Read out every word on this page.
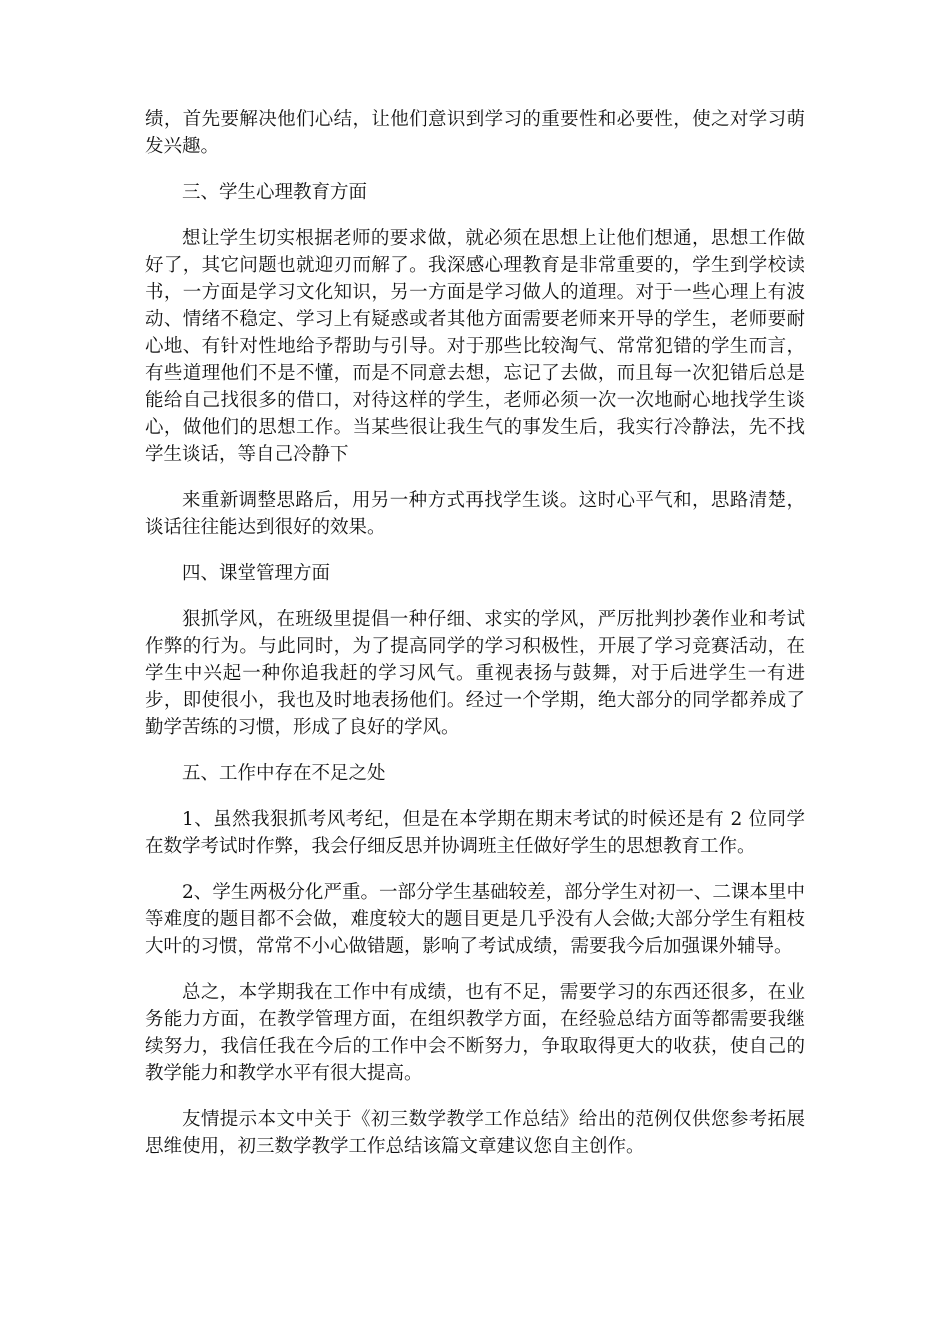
绩，首先要解决他们心结，让他们意识到学习的重要性和必要性，使之对学习萌发兴趣。

三、学生心理教育方面

想让学生切实根据老师的要求做，就必须在思想上让他们想通，思想工作做好了，其它问题也就迎刃而解了。我深感心理教育是非常重要的，学生到学校读书，一方面是学习文化知识，另一方面是学习做人的道理。对于一些心理上有波动、情绪不稳定、学习上有疑惑或者其他方面需要老师来开导的学生，老师要耐心地、有针对性地给予帮助与引导。对于那些比较淘气、常常犯错的学生而言，有些道理他们不是不懂，而是不同意去想，忘记了去做，而且每一次犯错后总是能给自己找很多的借口，对待这样的学生，老师必须一次一次地耐心地找学生谈心，做他们的思想工作。当某些很让我生气的事发生后，我实行冷静法，先不找学生谈话，等自己冷静下

来重新调整思路后，用另一种方式再找学生谈。这时心平气和，思路清楚，谈话往往能达到很好的效果。

四、课堂管理方面

狠抓学风，在班级里提倡一种仔细、求实的学风，严厉批判抄袭作业和考试作弊的行为。与此同时，为了提高同学的学习积极性，开展了学习竞赛活动，在学生中兴起一种你追我赶的学习风气。重视表扬与鼓舞，对于后进学生一有进步，即使很小，我也及时地表扬他们。经过一个学期，绝大部分的同学都养成了勤学苦练的习惯，形成了良好的学风。

五、工作中存在不足之处

1、虽然我狠抓考风考纪，但是在本学期在期末考试的时候还是有 2 位同学在数学考试时作弊，我会仔细反思并协调班主任做好学生的思想教育工作。

2、学生两极分化严重。一部分学生基础较差，部分学生对初一、二课本里中等难度的题目都不会做，难度较大的题目更是几乎没有人会做;大部分学生有粗枝大叶的习惯，常常不小心做错题，影响了考试成绩，需要我今后加强课外辅导。

总之，本学期我在工作中有成绩，也有不足，需要学习的东西还很多，在业务能力方面，在教学管理方面，在组织教学方面，在经验总结方面等都需要我继续努力，我信任我在今后的工作中会不断努力，争取取得更大的收获，使自己的教学能力和教学水平有很大提高。

友情提示本文中关于《初三数学教学工作总结》给出的范例仅供您参考拓展思维使用，初三数学教学工作总结该篇文章建议您自主创作。
